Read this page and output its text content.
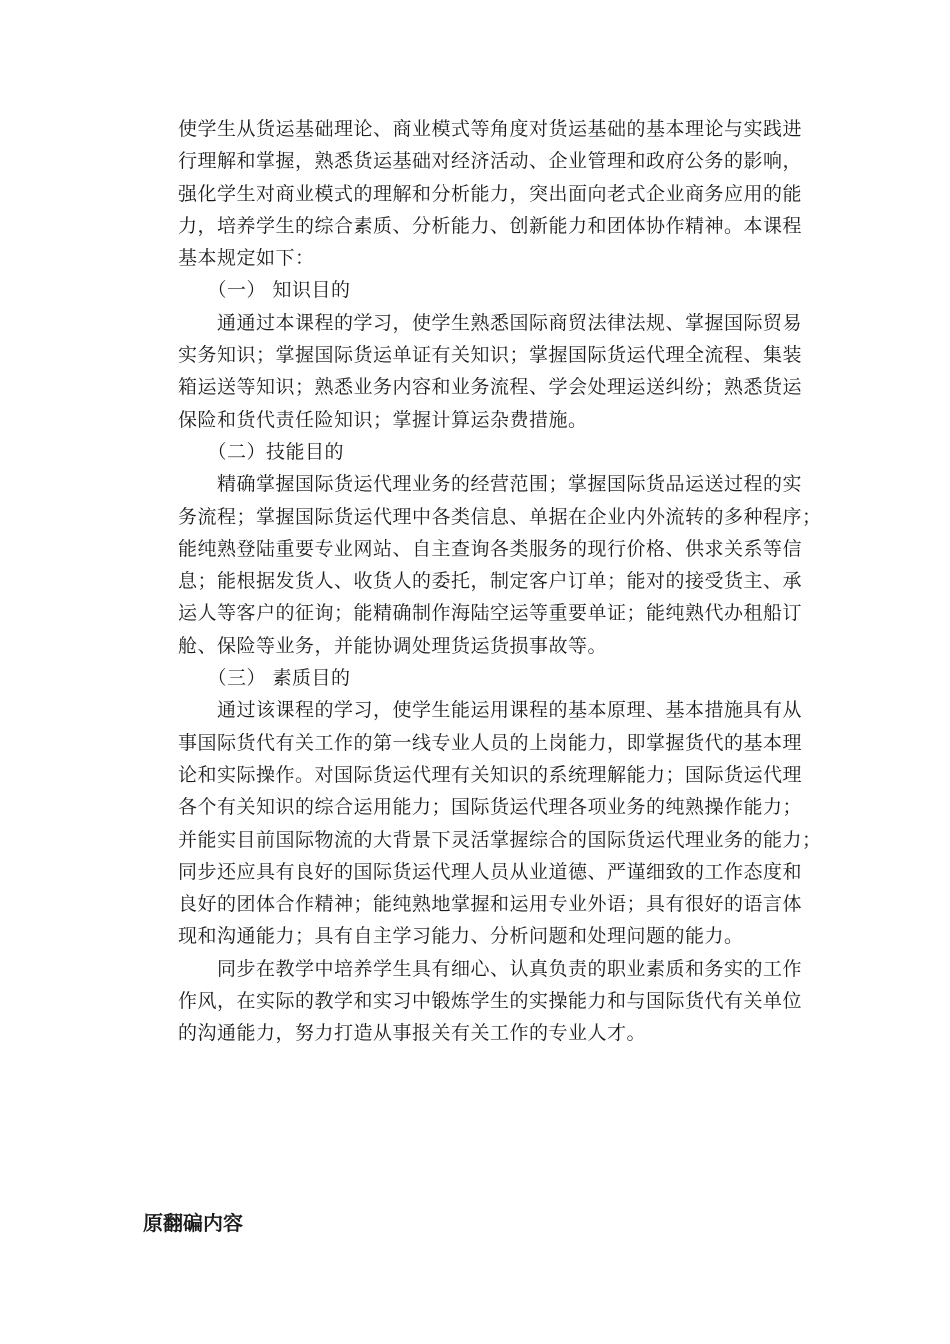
使学生从货运基础理论、商业模式等角度对货运基础的基本理论与实践进
行理解和掌握，熟悉货运基础对经济活动、企业管理和政府公务的影响，
强化学生对商业模式的理解和分析能力，突出面向老式企业商务应用的能
力，培养学生的综合素质、分析能力、创新能力和团体协作精神。本课程
基本规定如下：
　　（一） 知识目的
　　通通过本课程的学习，使学生熟悉国际商贸法律法规、掌握国际贸易
实务知识；掌握国际货运单证有关知识；掌握国际货运代理全流程、集装
箱运送等知识；熟悉业务内容和业务流程、学会处理运送纠纷；熟悉货运
保险和货代责任险知识；掌握计算运杂费措施。
　　（二）技能目的
　　精确掌握国际货运代理业务的经营范围；掌握国际货品运送过程的实
务流程；掌握国际货运代理中各类信息、单据在企业内外流转的多种程序；
能纯熟登陆重要专业网站、自主查询各类服务的现行价格、供求关系等信
息；能根据发货人、收货人的委托，制定客户订单；能对的接受货主、承
运人等客户的征询；能精确制作海陆空运等重要单证；能纯熟代办租船订
舱、保险等业务，并能协调处理货运货损事故等。
　　（三） 素质目的
　　通过该课程的学习，使学生能运用课程的基本原理、基本措施具有从
事国际货代有关工作的第一线专业人员的上岗能力，即掌握货代的基本理
论和实际操作。对国际货运代理有关知识的系统理解能力；国际货运代理
各个有关知识的综合运用能力；国际货运代理各项业务的纯熟操作能力；
并能实目前国际物流的大背景下灵活掌握综合的国际货运代理业务的能力；
同步还应具有良好的国际货运代理人员从业道德、严谨细致的工作态度和
良好的团体合作精神；能纯熟地掌握和运用专业外语；具有很好的语言体
现和沟通能力；具有自主学习能力、分析问题和处理问题的能力。
　　同步在教学中培养学生具有细心、认真负责的职业素质和务实的工作
作风，在实际的教学和实习中锻炼学生的实操能力和与国际货代有关单位
的沟通能力，努力打造从事报关有关工作的专业人才。
原翻碥内容
